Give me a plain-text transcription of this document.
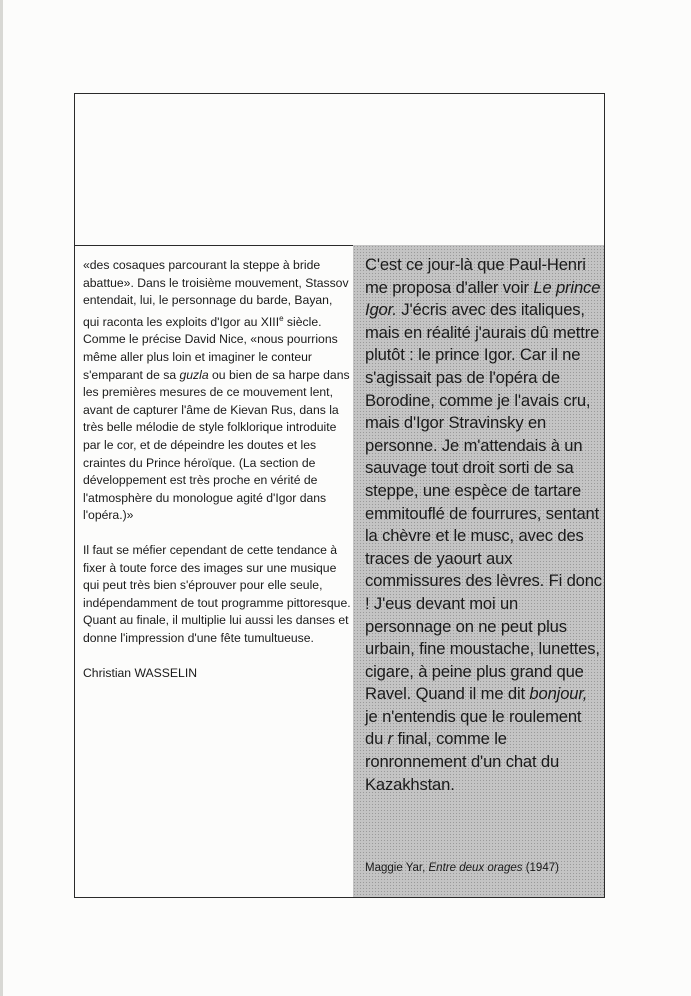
«des cosaques parcourant la steppe à bride abattue». Dans le troisième mouvement, Stassov entendait, lui, le personnage du barde, Bayan, qui raconta les exploits d'Igor au XIIIe siècle. Comme le précise David Nice, «nous pourrions même aller plus loin et imaginer le conteur s'emparant de sa guzla ou bien de sa harpe dans les premières mesures de ce mouvement lent, avant de capturer l'âme de Kievan Rus, dans la très belle mélodie de style folklorique introduite par le cor, et de dépeindre les doutes et les craintes du Prince héroïque. (La section de développement est très proche en vérité de l'atmosphère du monologue agité d'Igor dans l'opéra.)»

Il faut se méfier cependant de cette tendance à fixer à toute force des images sur une musique qui peut très bien s'éprouver pour elle seule, indépendamment de tout programme pittoresque. Quant au finale, il multiplie lui aussi les danses et donne l'impression d'une fête tumultueuse.

Christian WASSELIN

C'est ce jour-là que Paul-Henri me proposa d'aller voir Le prince Igor. J'écris avec des italiques, mais en réalité j'aurais dû mettre plutôt : le prince Igor. Car il ne s'agissait pas de l'opéra de Borodine, comme je l'avais cru, mais d'Igor Stravinsky en personne. Je m'attendais à un sauvage tout droit sorti de sa steppe, une espèce de tartare emmitouflé de fourrures, sentant la chèvre et le musc, avec des traces de yaourt aux commissures des lèvres. Fi donc ! J'eus devant moi un personnage on ne peut plus urbain, fine moustache, lunettes, cigare, à peine plus grand que Ravel. Quand il me dit bonjour, je n'entendis que le roulement du r final, comme le ronronnement d'un chat du Kazakhstan.
Maggie Yar, Entre deux orages (1947)
